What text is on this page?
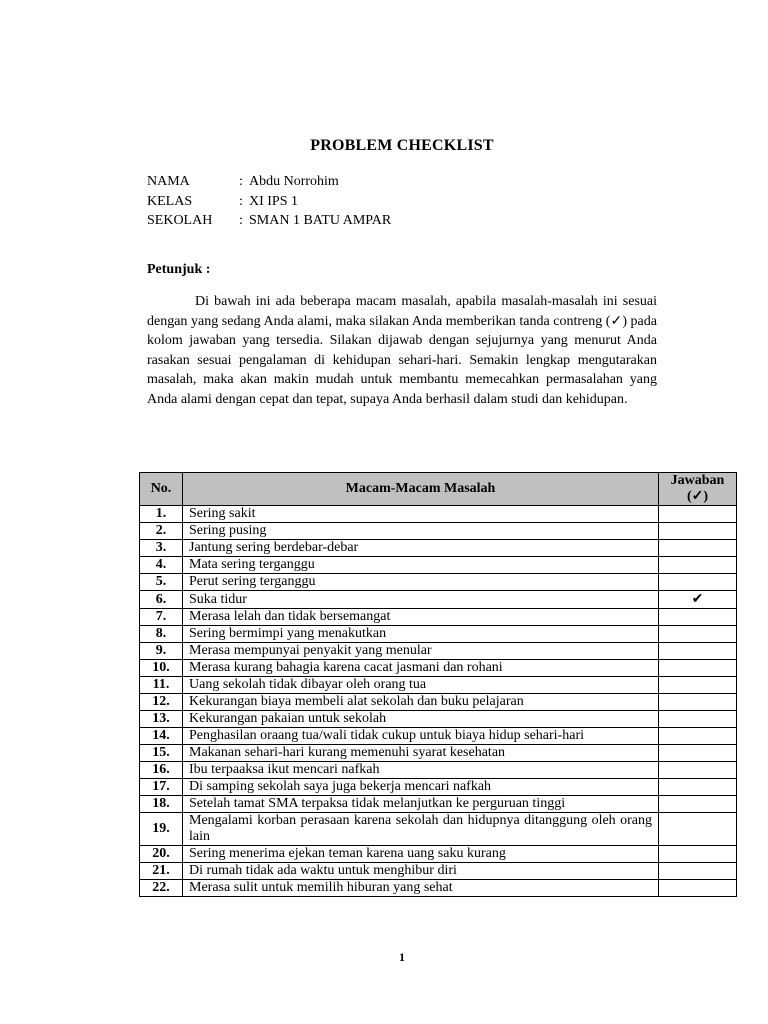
PROBLEM CHECKLIST
NAMA	: Abdu Norrohim
KELAS	: XI IPS 1
SEKOLAH	: SMAN 1 BATU AMPAR
Petunjuk :

Di bawah ini ada beberapa macam masalah, apabila masalah-masalah ini sesuai dengan yang sedang Anda alami, maka silakan Anda memberikan tanda contreng (✓) pada kolom jawaban yang tersedia. Silakan dijawab dengan sejujurnya yang menurut Anda rasakan sesuai pengalaman di kehidupan sehari-hari. Semakin lengkap mengutarakan masalah, maka akan makin mudah untuk membantu memecahkan permasalahan yang Anda alami dengan cepat dan tepat, supaya Anda berhasil dalam studi dan kehidupan.

No.	Macam-Macam Masalah	Jawaban
(✓)
1.	Sering sakit	
2.	Sering pusing	
3.	Jantung sering berdebar-debar	
4.	Mata sering terganggu	
5.	Perut sering terganggu	
6.	Suka tidur	✔
7.	Merasa lelah dan tidak bersemangat	
8.	Sering bermimpi yang menakutkan	
9.	Merasa mempunyai penyakit yang menular	
10.	Merasa kurang bahagia karena cacat jasmani dan rohani	
11.	Uang sekolah tidak dibayar oleh orang tua	
12.	Kekurangan biaya membeli alat sekolah dan buku pelajaran	
13.	Kekurangan pakaian untuk sekolah	
14.	Penghasilan oraang tua/wali tidak cukup untuk biaya hidup sehari-hari	
15.	Makanan sehari-hari kurang memenuhi syarat kesehatan	
16.	Ibu terpaaksa ikut mencari nafkah	
17.	Di samping sekolah saya juga bekerja mencari nafkah	
18.	Setelah tamat SMA terpaksa tidak melanjutkan ke perguruan tinggi	
19.	Mengalami korban perasaan karena sekolah dan hidupnya ditanggung oleh orang lain	
20.	Sering menerima ejekan teman karena uang saku kurang	
21.	Di rumah tidak ada waktu untuk menghibur diri	
22.	Merasa sulit untuk memilih hiburan yang sehat	
1
